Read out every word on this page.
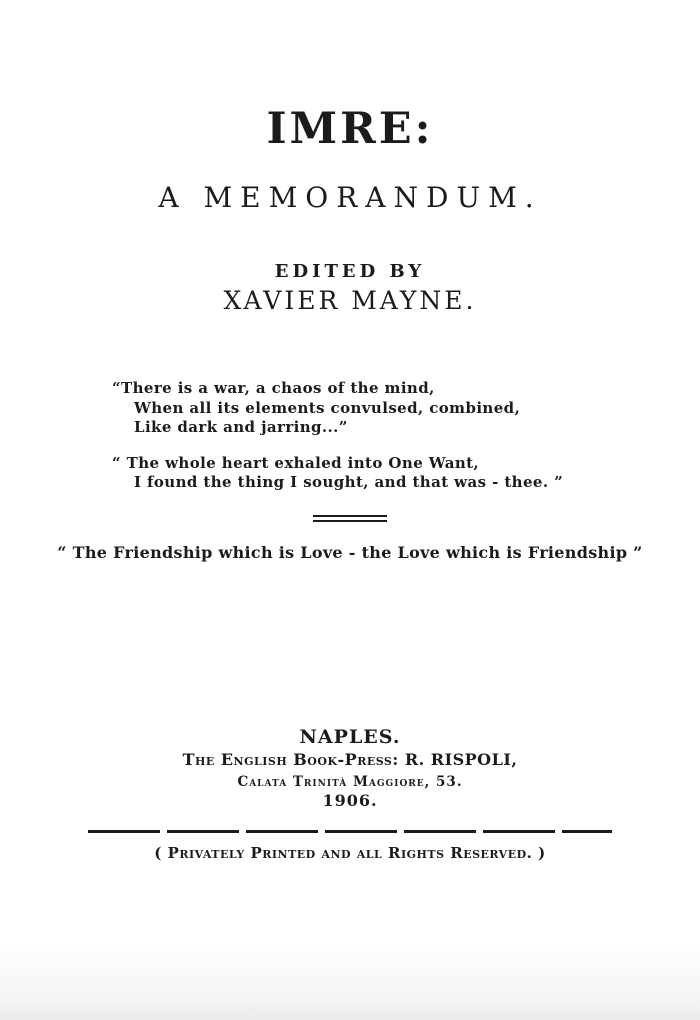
IMRE:
A MEMORANDUM.
EDITED BY
XAVIER MAYNE.
“There is a war, a chaos of the mind,
When all its elements convulsed, combined,
Like dark and jarring...”
“ The whole heart exhaled into One Want,
I found the thing I sought, and that was - thee. ”
“ The Friendship which is Love - the Love which is Friendship ”
NAPLES.
The English Book-Press: R. RISPOLI,
Calata Trinità Maggiore, 53.
1906.
( Privately Printed and all Rights Reserved. )
